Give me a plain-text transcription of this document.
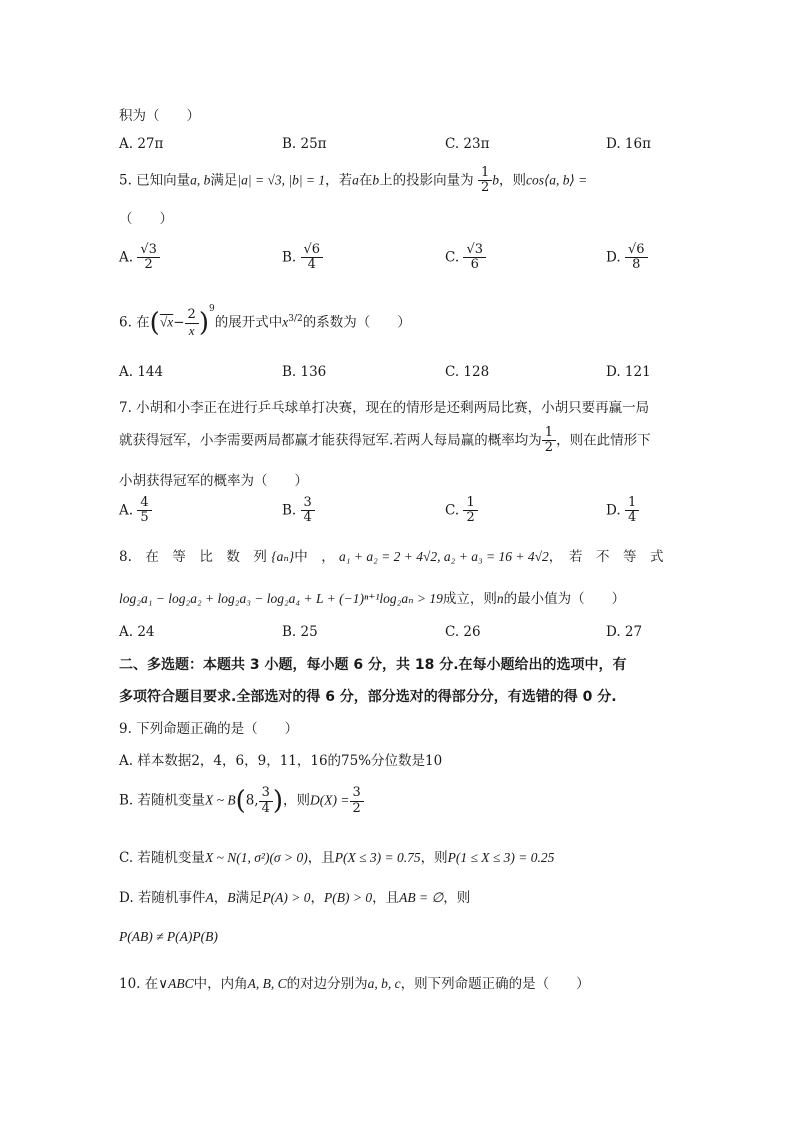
积为（　　）
A. 27π	B. 25π	C. 23π	D. 16π
5. 已知向量a, b满足|a| = √3, |b| = 1，若a在b上的投影向量为 $\frac{1}{2}$ b，则cos⟨a, b⟩ =
（　　）
A. $\frac{√3}{2}$	B. $\frac{√6}{4}$	C. $\frac{√3}{6}$	D. $\frac{√6}{8}$
6. 在$(√x- \frac{2}{x} )^9$的展开式中$x^{3/2}$的系数为（　　）
A. 144	B. 136	C. 128	D. 121
7. 小胡和小李正在进行乒乓球单打决赛，现在的情形是还剩两局比赛，小胡只要再赢一局
就获得冠军，小李需要两局都赢才能获得冠军.若两人每局赢的概率均为 $\frac{1}{2}$ ，则在此情形下
小胡获得冠军的概率为（　　）
A. $\frac{4}{5}$	B. $\frac{3}{4}$	C. $\frac{1}{2}$	D. $\frac{1}{4}$
8.　在　等　比　数　列 {aₙ}中　， a₁ + a₂ = 2 + 4√2, a₂ + a₃ = 16 + 4√2，　若　不　等　式
log₂a₁ − log₂a₂ + log₂a₃ − log₂a₄ + L + (−1)ⁿ⁺¹log₂aₙ > 19成立，则n的最小值为（　　）
A. 24	B. 25	C. 26	D. 27
二、多选题：本题共 3 小题，每小题 6 分，共 18 分.在每小题给出的选项中，有
多项符合题目要求.全部选对的得 6 分，部分选对的得部分分，有选错的得 0 分.
9. 下列命题正确的是（　　）
A. 样本数据2，4，6，9，11，16的75%分位数是10
B. 若随机变量X ~ B(8, $\frac{3}{4}$ )，则$D(X) = \frac{3}{2}$
C. 若随机变量X ~ N(1, σ²)(σ > 0)，且P(X ≤ 3) = 0.75，则P(1 ≤ X ≤ 3) = 0.25
D. 若随机事件A，B满足P(A) > 0，P(B) > 0，且AB = ∅，则
P(AB) ≠ P(A)P(B)
10. 在∨ABC中，内角A, B, C的对边分别为a, b, c，则下列命题正确的是（　　）
